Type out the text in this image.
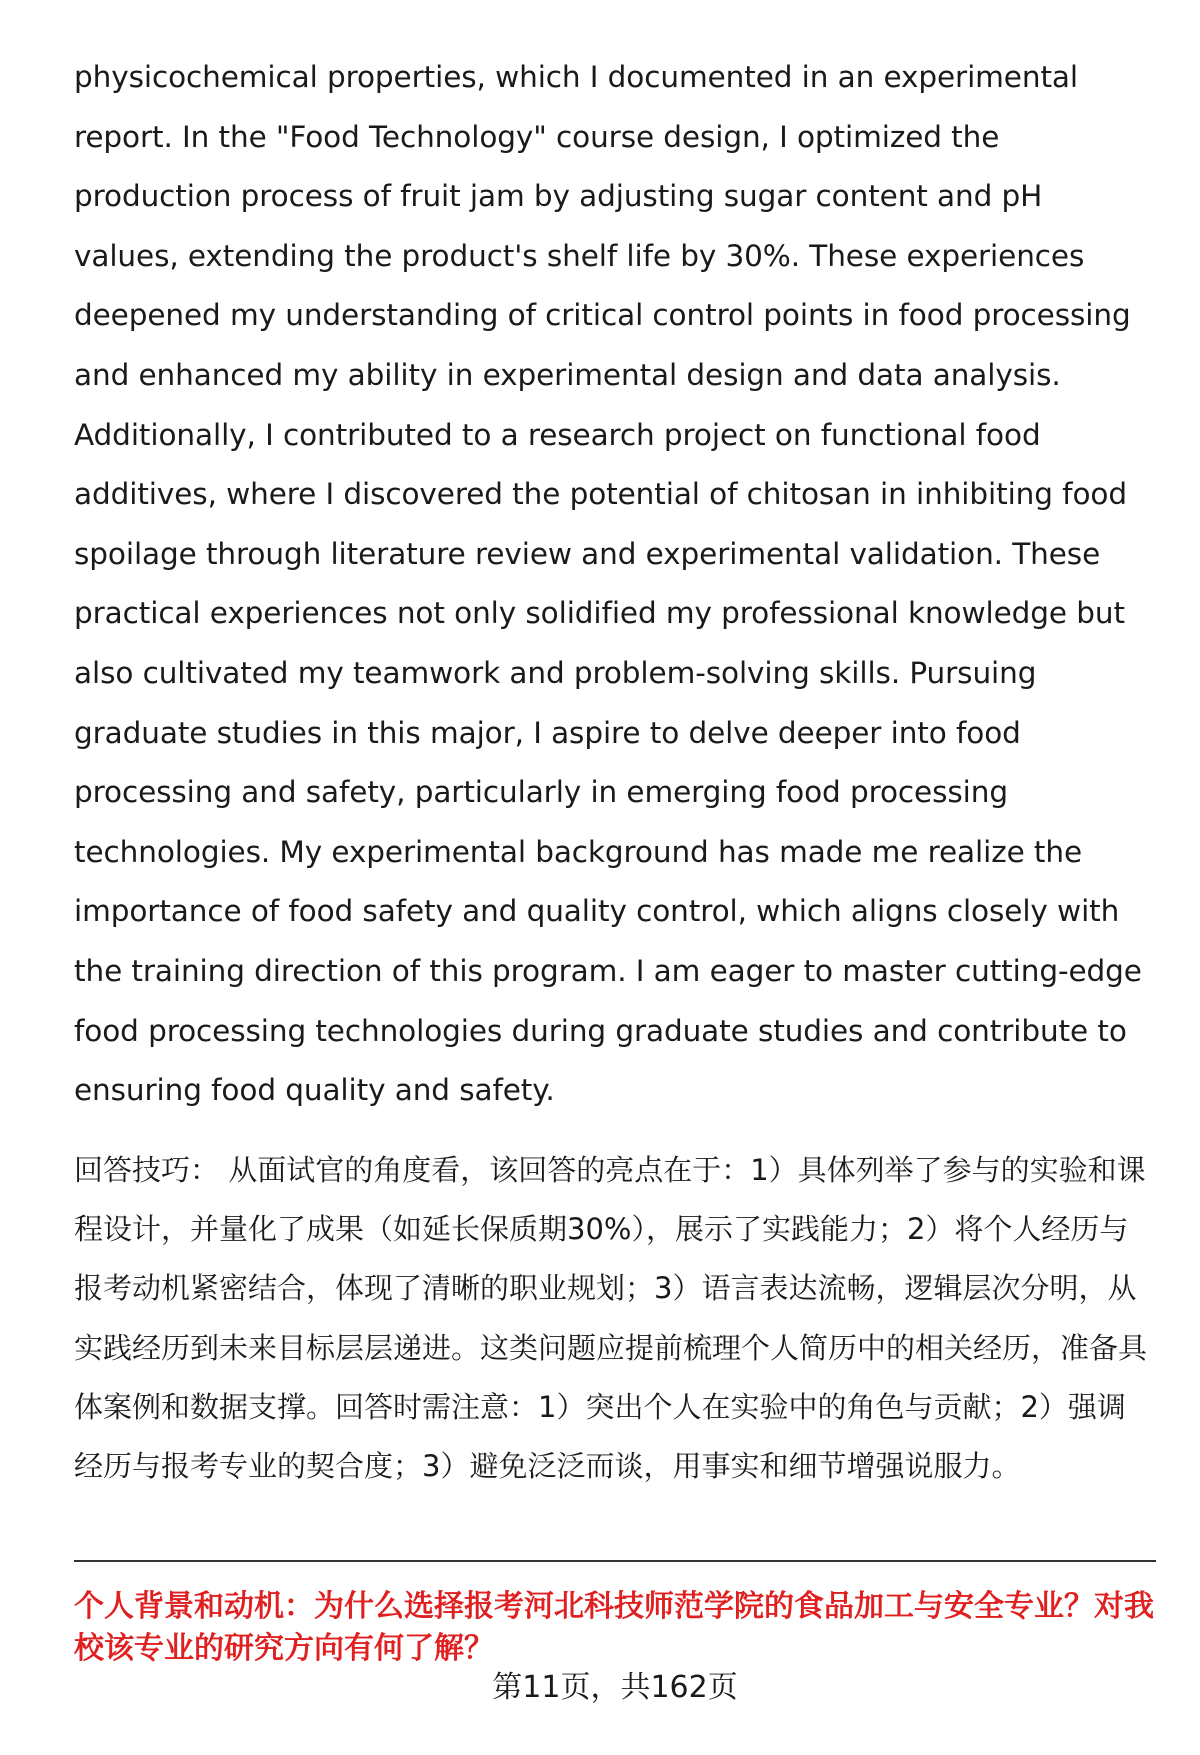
physicochemical properties, which I documented in an experimental report. In the "Food Technology" course design, I optimized the production process of fruit jam by adjusting sugar content and pH values, extending the product's shelf life by 30%. These experiences deepened my understanding of critical control points in food processing and enhanced my ability in experimental design and data analysis. Additionally, I contributed to a research project on functional food additives, where I discovered the potential of chitosan in inhibiting food spoilage through literature review and experimental validation. These practical experiences not only solidified my professional knowledge but also cultivated my teamwork and problem-solving skills. Pursuing graduate studies in this major, I aspire to delve deeper into food processing and safety, particularly in emerging food processing technologies. My experimental background has made me realize the importance of food safety and quality control, which aligns closely with the training direction of this program. I am eager to master cutting-edge food processing technologies during graduate studies and contribute to ensuring food quality and safety.

回答技巧： 从面试官的角度看，该回答的亮点在于：1）具体列举了参与的实验和课程设计，并量化了成果（如延长保质期30%），展示了实践能力；2）将个人经历与报考动机紧密结合，体现了清晰的职业规划；3）语言表达流畅，逻辑层次分明，从实践经历到未来目标层层递进。这类问题应提前梳理个人简历中的相关经历，准备具体案例和数据支撑。回答时需注意：1）突出个人在实验中的角色与贡献；2）强调经历与报考专业的契合度；3）避免泛泛而谈，用事实和细节增强说服力。

个人背景和动机：为什么选择报考河北科技师范学院的食品加工与安全专业？对我校该专业的研究方向有何了解？

第11页，共162页
